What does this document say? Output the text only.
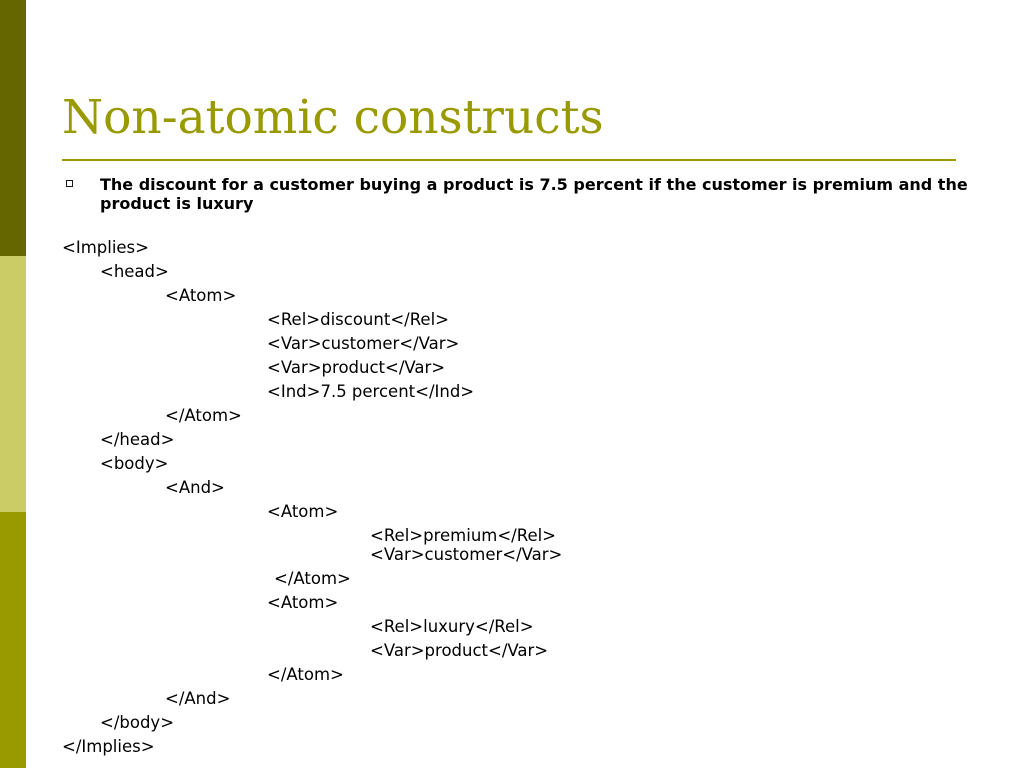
Non-atomic constructs
The discount for a customer buying a product is 7.5 percent if the customer is premium and the product is luxury

<Implies>

<head>

<Atom>

<Rel>discount</Rel>

<Var>customer</Var>

<Var>product</Var>

<Ind>7.5 percent</Ind>

</Atom>

</head>

<body>

<And>

<Atom>

<Rel>premium</Rel>

<Var>customer</Var>

</Atom>

<Atom>

<Rel>luxury</Rel>

<Var>product</Var>

</Atom>

</And>

</body>

</Implies>
